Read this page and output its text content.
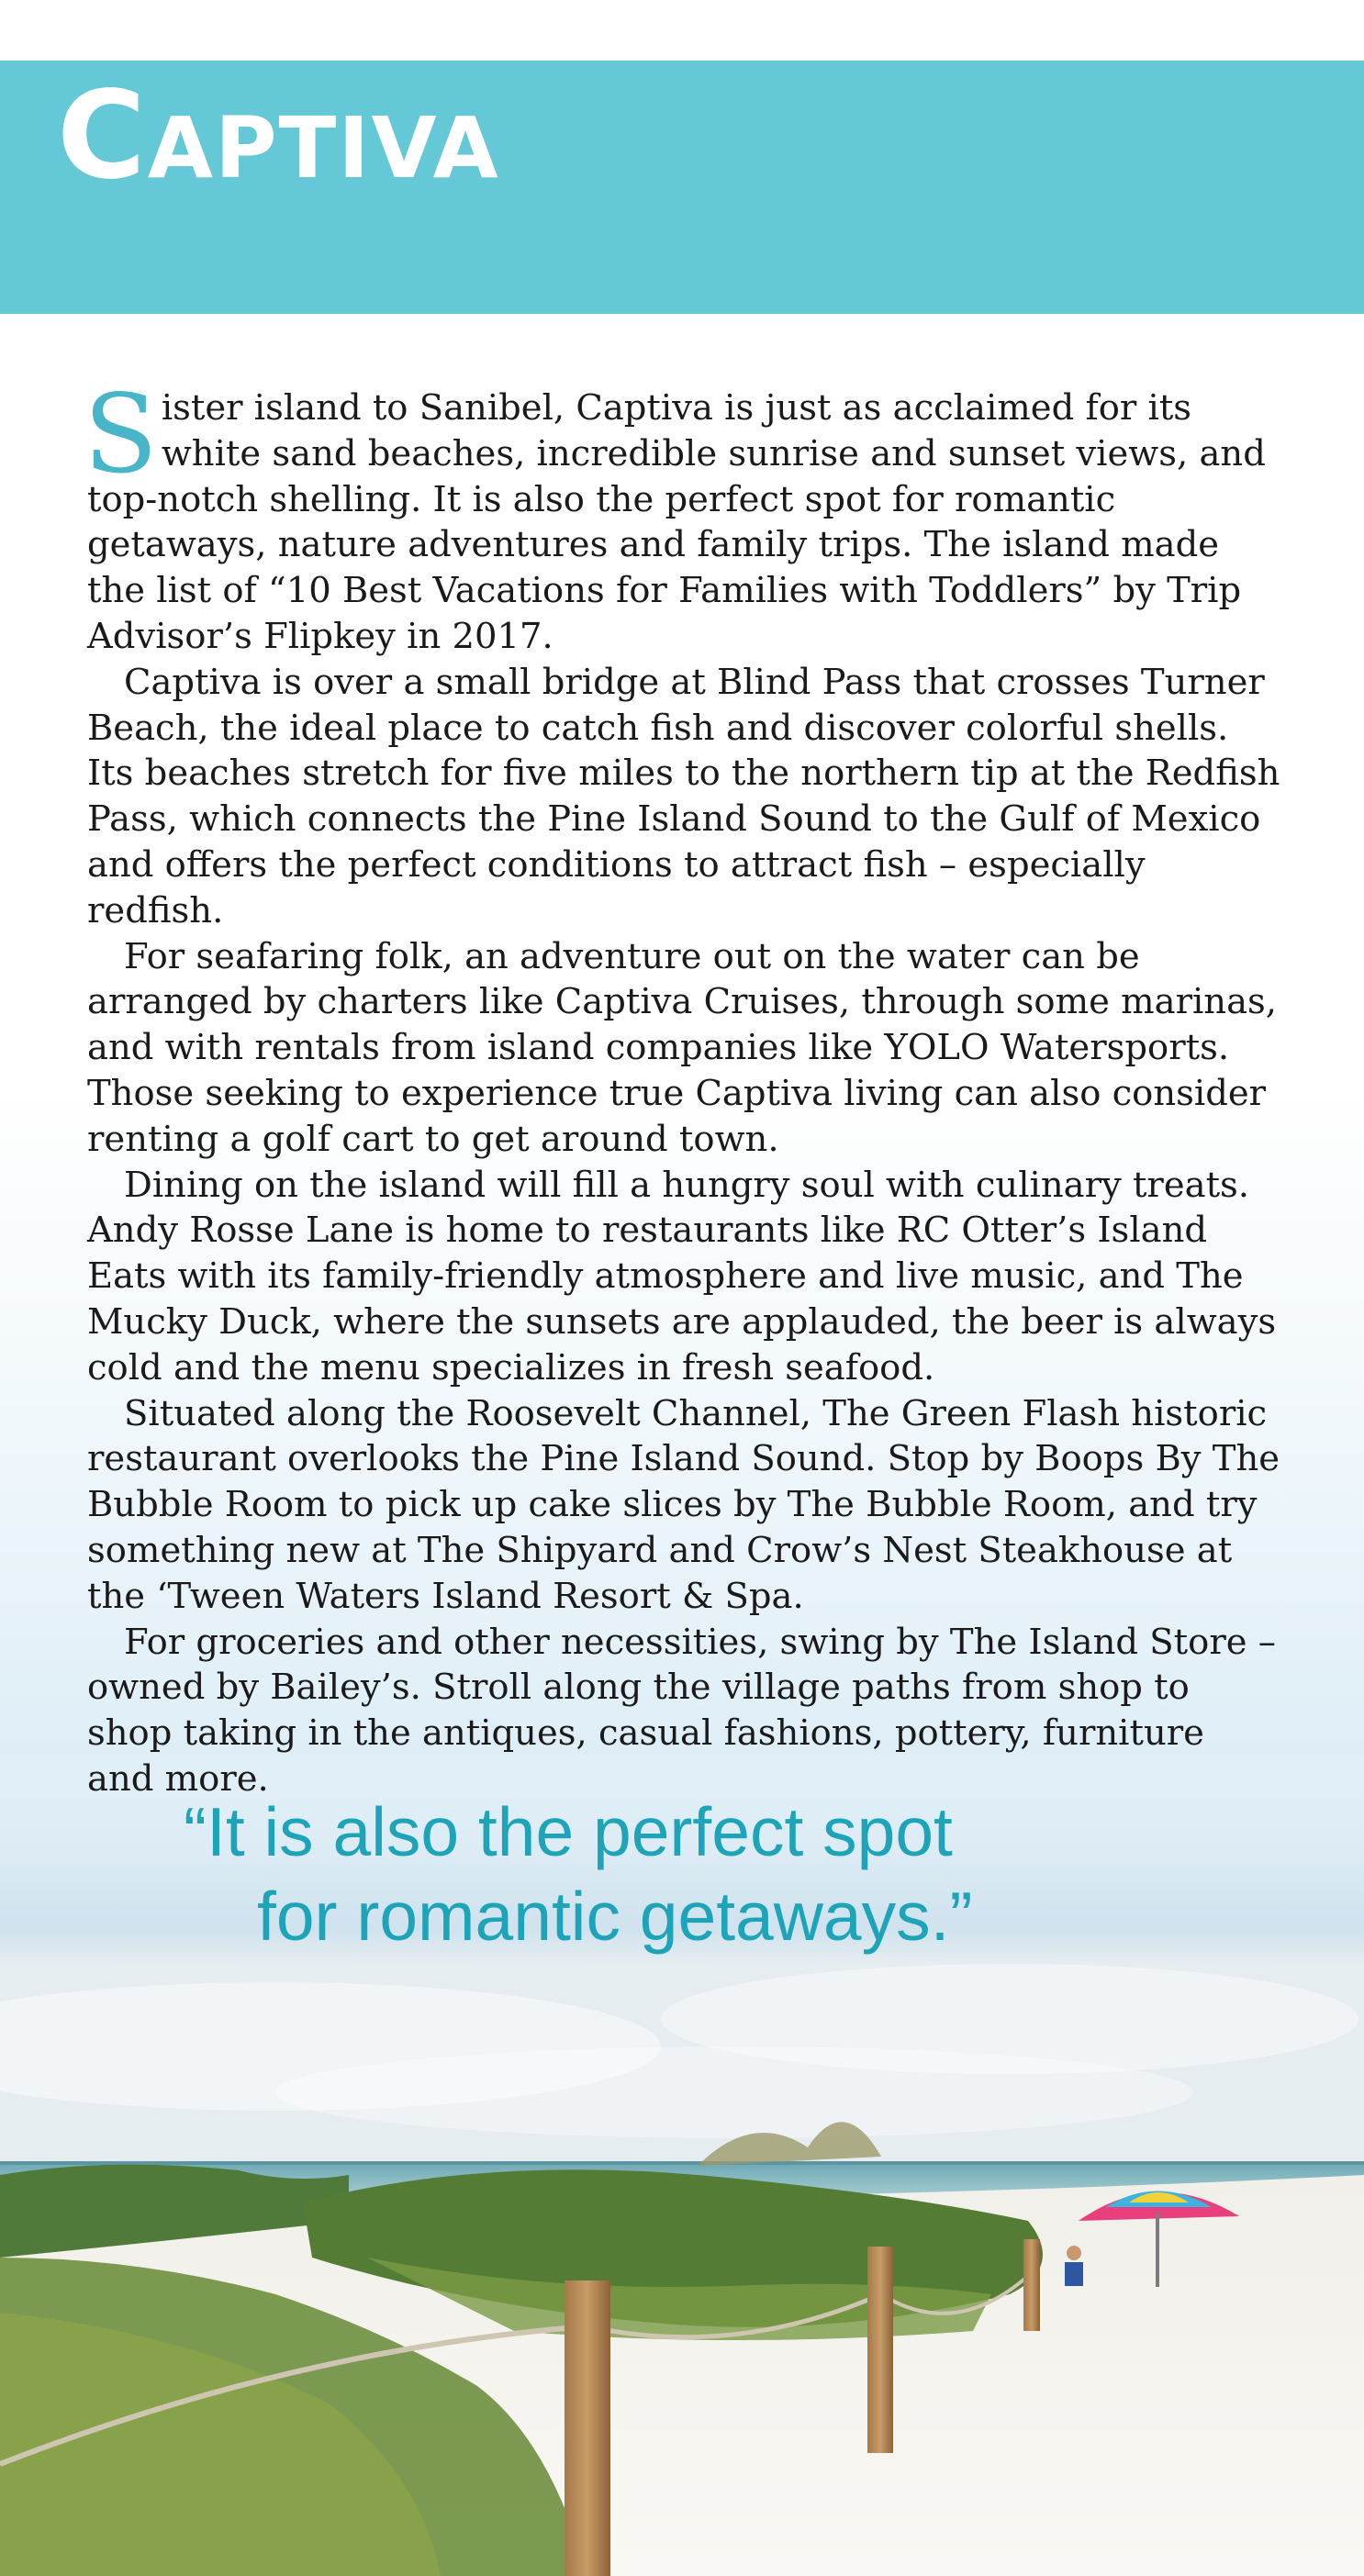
Captiva

Sister island to Sanibel, Captiva is just as acclaimed for its white sand beaches, incredible sunrise and sunset views, and top-notch shelling. It is also the perfect spot for romantic getaways, nature adventures and family trips. The island made the list of “10 Best Vacations for Families with Toddlers” by Trip Advisor’s Flipkey in 2017.

Captiva is over a small bridge at Blind Pass that crosses Turner Beach, the ideal place to catch fish and discover colorful shells. Its beaches stretch for five miles to the northern tip at the Redfish Pass, which connects the Pine Island Sound to the Gulf of Mexico and offers the perfect conditions to attract fish – especially redfish.

For seafaring folk, an adventure out on the water can be arranged by charters like Captiva Cruises, through some marinas, and with rentals from island companies like YOLO Watersports. Those seeking to experience true Captiva living can also consider renting a golf cart to get around town.

Dining on the island will fill a hungry soul with culinary treats. Andy Rosse Lane is home to restaurants like RC Otter’s Island Eats with its family-friendly atmosphere and live music, and The Mucky Duck, where the sunsets are applauded, the beer is always cold and the menu specializes in fresh seafood.

Situated along the Roosevelt Channel, The Green Flash historic restaurant overlooks the Pine Island Sound. Stop by Boops By The Bubble Room to pick up cake slices by The Bubble Room, and try something new at The Shipyard and Crow’s Nest Steakhouse at the ‘Tween Waters Island Resort & Spa.

For groceries and other necessities, swing by The Island Store – owned by Bailey’s. Stroll along the village paths from shop to shop taking in the antiques, casual fashions, pottery, furniture and more.

“It is also the perfect spot
for romantic getaways.”
